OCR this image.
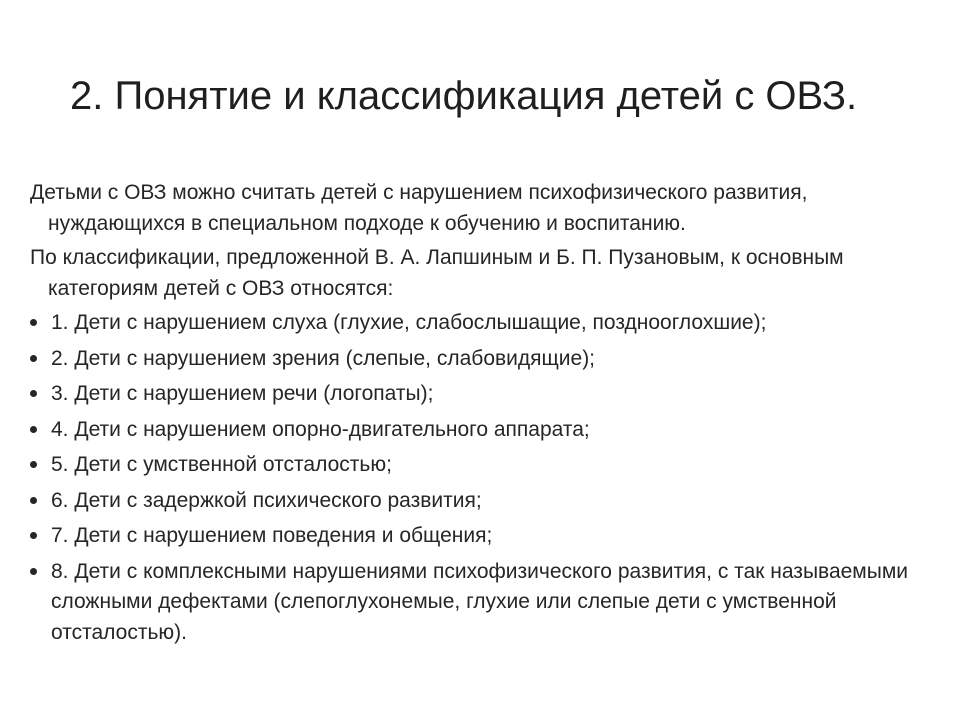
2. Понятие и классификация детей с ОВЗ.

Детьми с ОВЗ можно считать детей с нарушением психофизического развития, нуждающихся в специальном подходе к обучению и воспитанию.

По классификации, предложенной В. А. Лапшиным и Б. П. Пузановым, к основным категориям детей с ОВЗ относятся:

1. Дети с нарушением слуха (глухие, слабослышащие, позднооглохшие);
2. Дети с нарушением зрения (слепые, слабовидящие);
3. Дети с нарушением речи (логопаты);
4. Дети с нарушением опорно-двигательного аппарата;
5. Дети с умственной отсталостью;
6. Дети с задержкой психического развития;
7. Дети с нарушением поведения и общения;
8. Дети с комплексными нарушениями психофизического развития, с так называемыми сложными дефектами (слепоглухонемые, глухие или слепые дети с умственной отсталостью).
